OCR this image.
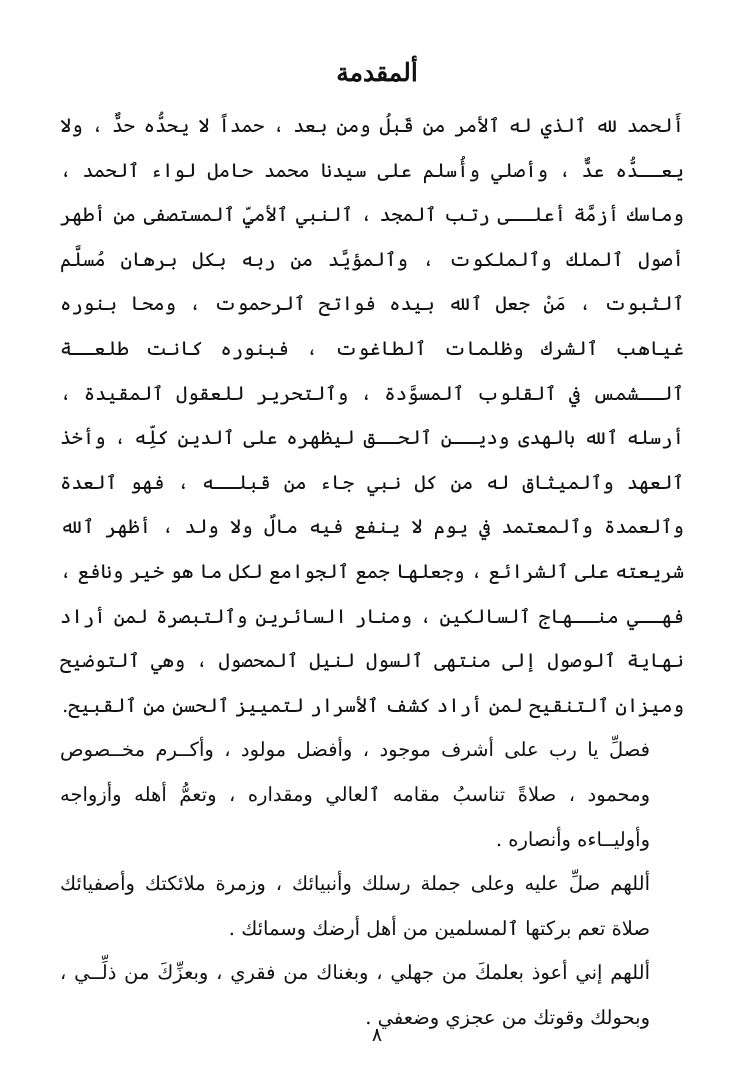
ألمقدمة

أَلحمد لله ٱلذي له ٱلأمر من قَبلُ ومن بعد ، حمداً لا يحدُّه حدٌّ ، ولا يعــدُّه عدٌّ ، وأصلي وأُسلم على سيدنا محمد حامل لواء ٱلحمد ، وماسك أزمَّة أعلــى رتب ٱلمجد ، ٱلنبي ٱلأميِّ ٱلمستصفى من أطهر أصول ٱلملك وٱلملكوت ، وٱلمؤيَّد من ربه بكل برهان مُسلَّم ٱلثبوت ، مَنْ جعل ٱلله بيده فواتح ٱلرحموت ، ومحا بنوره غياهب ٱلشرك وظلمات ٱلطاغوت ، فبنوره كانت طلعــة ٱلــشمس في ٱلقلوب ٱلمسوَّدة ، وٱلتحرير للعقول ٱلمقيدة ، أرسله ٱلله بالهدى وديــن ٱلحــق ليظهره على ٱلدين كلِّه ، وأخذ ٱلعهد وٱلميثاق له من كل نبي جاء من قبلــه ، فهو ٱلعدة وٱلعمدة وٱلمعتمد في يوم لا ينفع فيه مالٌ ولا ولد ، أظهر ٱلله شريعته على ٱلشرائع ، وجعلها جمع ٱلجوامع لكل ما هو خير ونافع ، فهــي منــهاج ٱلسالكين ، ومنار السائرين وٱلتبصرة لمن أراد نهاية ٱلوصول إلى منتهى ٱلسول لنيل ٱلمحصول ، وهي ٱلتوضيح وميزان ٱلتنقيح لمن أراد كشف ٱلأسرار لتمييز ٱلحسن من ٱلقبيح.

فصلِّ يا رب على أشرف موجود ، وأفضل مولود ، وأكــرم مخــصوص ومحمود ، صلاةً تناسبُ مقامه ٱلعالي ومقداره ، وتعمُّ أهله وأزواجه وأوليــاءه وأنصاره .

أللهم صلِّ عليه وعلى جملة رسلك وأنبيائك ، وزمرة ملائكتك وأصفيائك صلاة تعم بركتها ٱلمسلمين من أهل أرضك وسمائك .

أللهم إني أعوذ بعلمكَ من جهلي ، وبغناك من فقري ، وبعزِّكَ من ذلِّــي ، وبحولك وقوتك من عجزي وضعفي .

٨
